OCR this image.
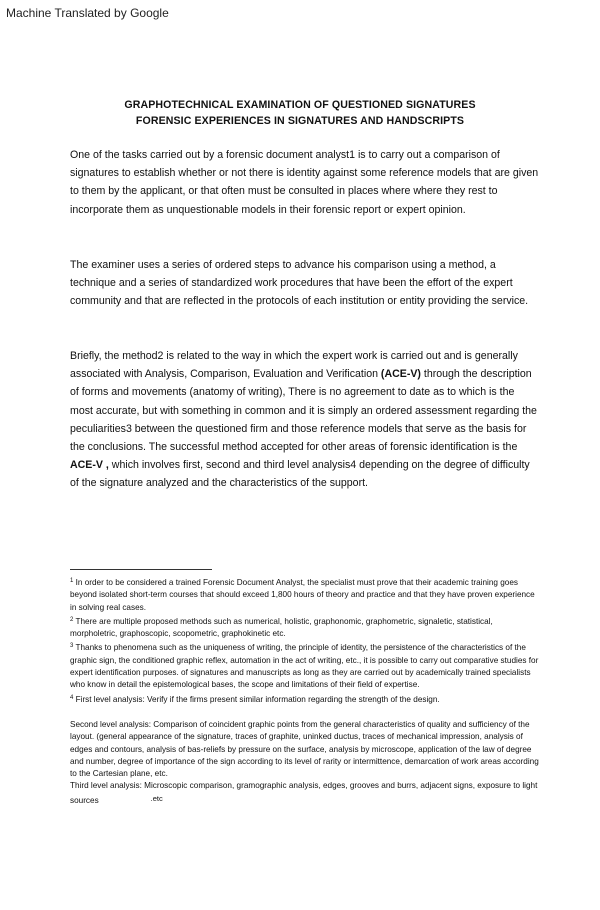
Machine Translated by Google
GRAPHOTECHNICAL EXAMINATION OF QUESTIONED SIGNATURES
FORENSIC EXPERIENCES IN SIGNATURES AND HANDSCRIPTS

One of the tasks carried out by a forensic document analyst1 is to carry out a comparison of signatures to establish whether or not there is identity against some reference models that are given to them by the applicant, or that often must be consulted in places where where they rest to incorporate them as unquestionable models in their forensic report or expert opinion.

The examiner uses a series of ordered steps to advance his comparison using a method, a technique and a series of standardized work procedures that have been the effort of the expert community and that are reflected in the protocols of each institution or entity providing the service.

Briefly, the method2 is related to the way in which the expert work is carried out and is generally associated with Analysis, Comparison, Evaluation and Verification (ACE-V) through the description of forms and movements (anatomy of writing), There is no agreement to date as to which is the most accurate, but with something in common and it is simply an ordered assessment regarding the peculiarities3 between the questioned firm and those reference models that serve as the basis for the conclusions. The successful method accepted for other areas of forensic identification is the ACE-V , which involves first, second and third level analysis4 depending on the degree of difficulty of the signature analyzed and the characteristics of the support.

$^1$ In order to be considered a trained Forensic Document Analyst, the specialist must prove that their academic training goes beyond isolated short-term courses that should exceed 1,800 hours of theory and practice and that they have proven experience in solving real cases.

$^2$ There are multiple proposed methods such as numerical, holistic, graphonomic, graphometric, signaletic, statistical, morpholetric, graphoscopic, scopometric, graphokinetic etc.

$^3$ Thanks to phenomena such as the uniqueness of writing, the principle of identity, the persistence of the characteristics of the graphic sign, the conditioned graphic reflex, automation in the act of writing, etc., it is possible to carry out comparative studies for expert identification purposes. of signatures and manuscripts as long as they are carried out by academically trained specialists who know in detail the epistemological bases, the scope and limitations of their field of expertise.

$^4$ First level analysis: Verify if the firms present similar information regarding the strength of the design.

Second level analysis: Comparison of coincident graphic points from the general characteristics of quality and sufficiency of the layout. (general appearance of the signature, traces of graphite, uninked ductus, traces of mechanical impression, analysis of edges and contours, analysis of bas-reliefs by pressure on the surface, analysis by microscope, application of the law of degree and number, degree of importance of the sign according to its level of rarity or intermittence, demarcation of work areas according to the Cartesian plane, etc.

Third level analysis: Microscopic comparison, gramographic analysis, edges, grooves and burrs, adjacent signs, exposure to light sources	.etc
